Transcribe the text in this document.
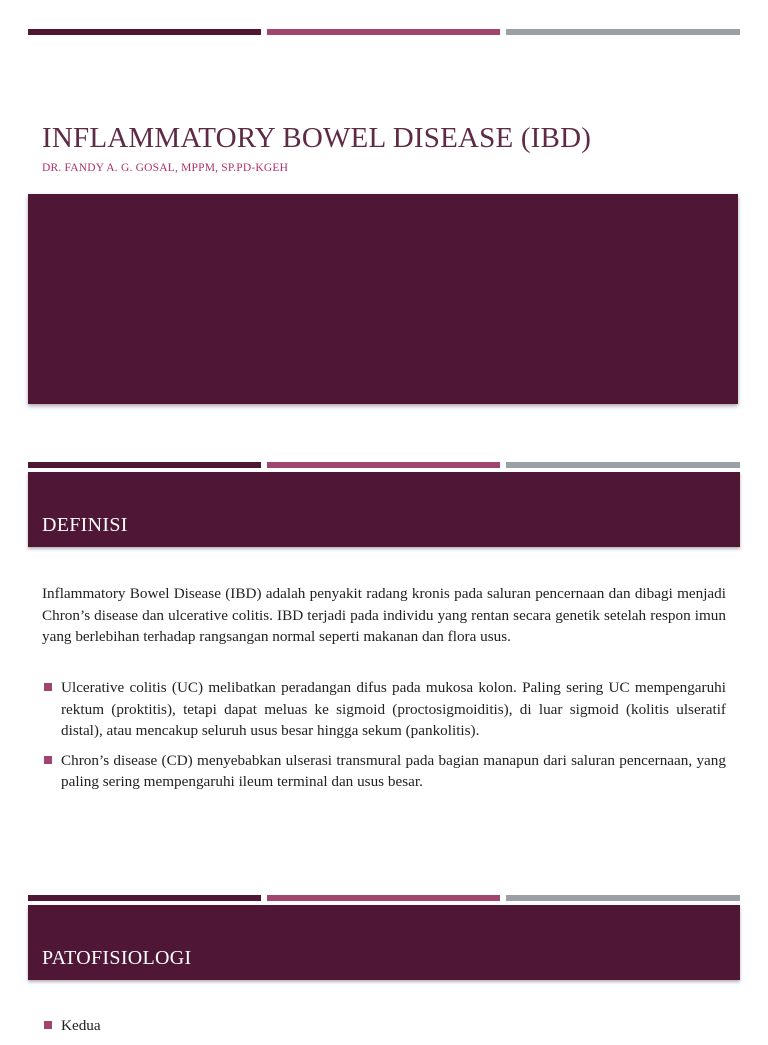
INFLAMMATORY BOWEL DISEASE (IBD)
DR. FANDY A. G. GOSAL, MPPM, SP.PD-KGEH
DEFINISI
Inflammatory Bowel Disease (IBD) adalah penyakit radang kronis pada saluran pencernaan dan dibagi menjadi Chron’s disease dan ulcerative colitis. IBD terjadi pada individu yang rentan secara genetik setelah respon imun yang berlebihan terhadap rangsangan normal seperti makanan dan flora usus.
Ulcerative colitis (UC) melibatkan peradangan difus pada mukosa kolon. Paling sering UC mempengaruhi rektum (proktitis), tetapi dapat meluas ke sigmoid (proctosigmoiditis), di luar sigmoid (kolitis ulseratif distal), atau mencakup seluruh usus besar hingga sekum (pankolitis).
Chron’s disease (CD) menyebabkan ulserasi transmural pada bagian manapun dari saluran pencernaan, yang paling sering mempengaruhi ileum terminal dan usus besar.
PATOFISIOLOGI
Kedua
